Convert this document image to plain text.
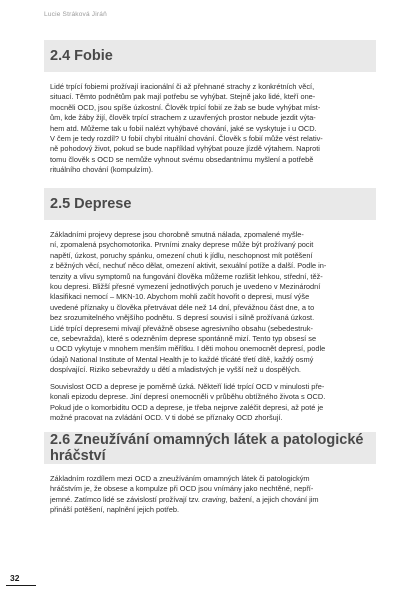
Lucie Stráková Jiráň
2.4 Fobie
Lidé trpící fobiemi prožívají iracionální či až přehnané strachy z konkrétních věcí,
situací. Těmto podnětům pak mají potřebu se vyhýbat. Stejně jako lidé, kteří one-
mocněli OCD, jsou spíše úzkostní. Člověk trpící fobií ze žab se bude vyhýbat míst-
ům, kde žáby žijí, člověk trpící strachem z uzavřených prostor nebude jezdit výta-
hem atd. Můžeme tak u fobií nalézt vyhýbavé chování, jaké se vyskytuje i u OCD.
V čem je tedy rozdíl? U fobií chybí rituální chování. Člověk s fobií může vést relativ-
ně pohodový život, pokud se bude například vyhýbat pouze jízdě výtahem. Naproti
tomu člověk s OCD se nemůže vyhnout svému obsedantnímu myšlení a potřebě
rituálního chování (kompulzím).
2.5 Deprese
Základními projevy deprese jsou chorobně smutná nálada, zpomalené myšle-
ní, zpomalená psychomotorika. Prvními znaky deprese může být prožívaný pocit
napětí, úzkost, poruchy spánku, omezení chuti k jídlu, neschopnost mít potěšení
z běžných věcí, nechuť něco dělat, omezení aktivit, sexuální potíže a další. Podle in-
tenzity a vlivu symptomů na fungování člověka můžeme rozlišit lehkou, střední, těž-
kou depresi. Bližší přesné vymezení jednotlivých poruch je uvedeno v Mezinárodní
klasifikaci nemocí – MKN-10. Abychom mohli začít hovořit o depresi, musí výše
uvedené příznaky u člověka přetrvávat déle než 14 dní, převážnou část dne, a to
bez srozumitelného vnějšího podnětu. S depresí souvisí i silně prožívaná úzkost.
Lidé trpící depresemi mívají převážně obsese agresivního obsahu (sebedestruk-
ce, sebevražda), které s odezněním deprese spontánně mizí. Tento typ obsesí se
u OCD vykytuje v mnohem menším měřítku. I děti mohou onemocnět depresí, podle
údajů National Institute of Mental Health je to každé třicáté třetí dítě, každý osmý
dospívající. Riziko sebevraždy u dětí a mladistvých je vyšší než u dospělých.
Souvislost OCD a deprese je poměrně úzká. Někteří lidé trpící OCD v minulosti pře-
konali epizodu deprese. Jiní depresí onemocněli v průběhu obtížného života s OCD.
Pokud jde o komorbiditu OCD a deprese, je třeba nejprve zaléčit depresi, až poté je
možné pracovat na zvládání OCD. V ti dobé se příznaky OCD zhoršují.
2.6 Zneužívání omamných látek a patologické hráčství
Základním rozdílem mezi OCD a zneužíváním omamných látek či patologickým
hráčstvím je, že obsese a kompulze při OCD jsou vnímány jako nechtěné, nepří-
jemné. Zatímco lidé se závislostí prožívají tzv. craving, bažení, a jejich chování jim
přináší potěšení, naplnění jejich potřeb.
32
